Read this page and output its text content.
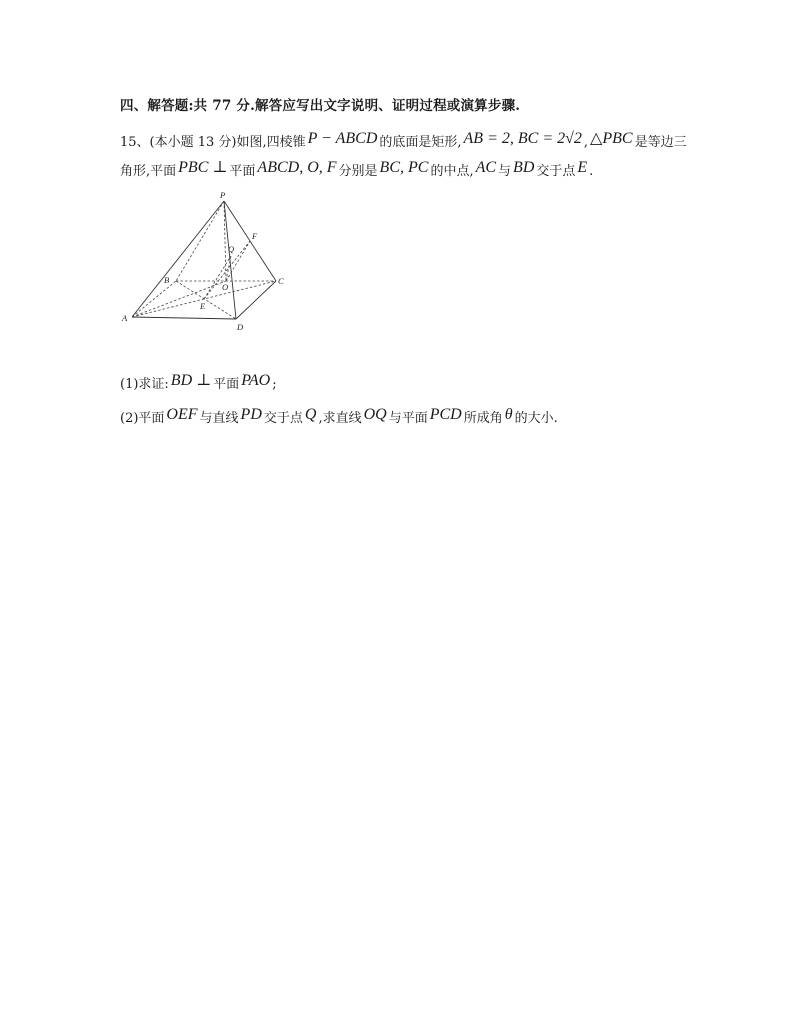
四、解答题:共 77 分.解答应写出文字说明、证明过程或演算步骤.
15、(本小题 13 分)如图,四棱锥 P − ABCD 的底面是矩形, AB = 2, BC = 2√2 , △PBC 是等边三
角形,平面 PBC ⊥ 平面 ABCD, O, F 分别是 BC, PC 的中点, AC 与 BD 交于点 E .
P
Q
F
B
O
C
E
A
D
(1)求证: BD ⊥ 平面 PAO ;
(2)平面 OEF 与直线 PD 交于点 Q ,求直线 OQ 与平面 PCD 所成角 θ 的大小.
